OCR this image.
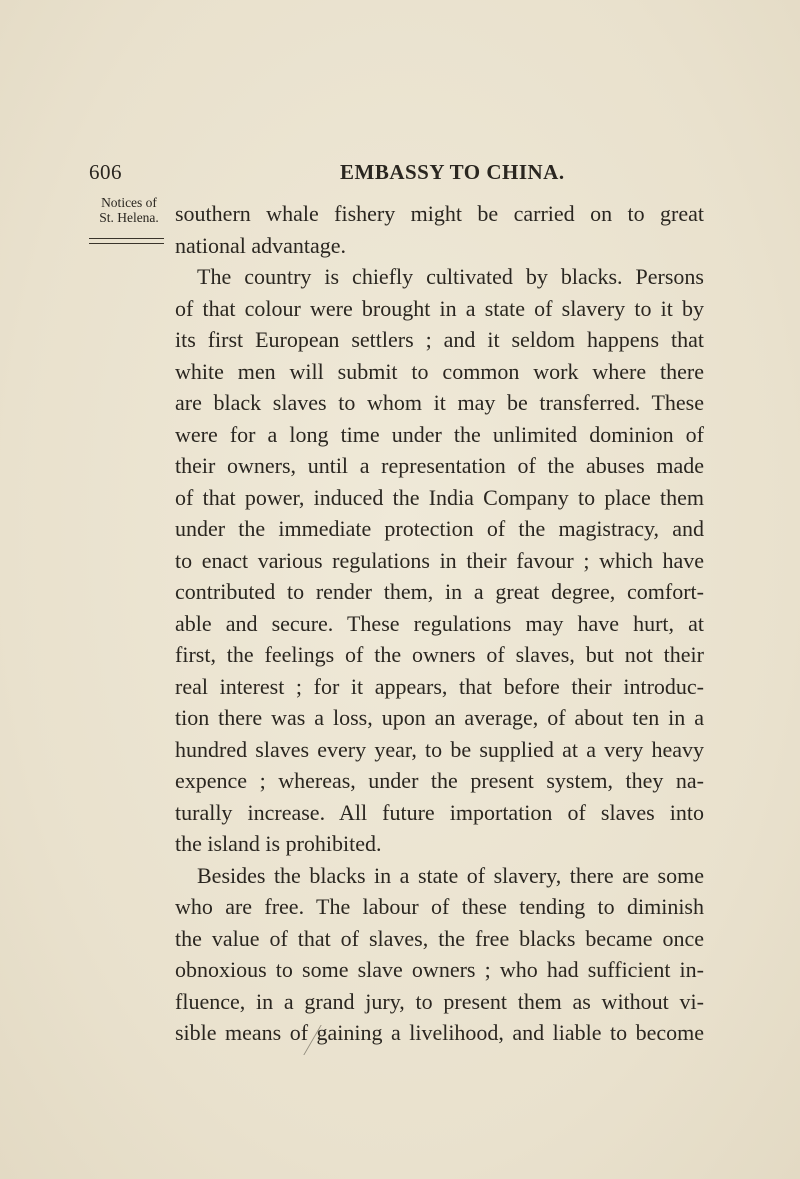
606	EMBASSY TO CHINA.
Notices of
St. Helena. southern whale fishery might be carried on to great
national advantage.
The country is chiefly cultivated by blacks. Persons
of that colour were brought in a state of slavery to it by
its first European settlers ; and it seldom happens that
white men will submit to common work where there
are black slaves to whom it may be transferred. These
were for a long time under the unlimited dominion of
their owners, until a representation of the abuses made
of that power, induced the India Company to place them
under the immediate protection of the magistracy, and
to enact various regulations in their favour ; which have
contributed to render them, in a great degree, comfort-
able and secure. These regulations may have hurt, at
first, the feelings of the owners of slaves, but not their
real interest ; for it appears, that before their introduc-
tion there was a loss, upon an average, of about ten in a
hundred slaves every year, to be supplied at a very heavy
expence ; whereas, under the present system, they na-
turally increase. All future importation of slaves into
the island is prohibited.
Besides the blacks in a state of slavery, there are some
who are free. The labour of these tending to diminish
the value of that of slaves, the free blacks became once
obnoxious to some slave owners ; who had sufficient in-
fluence, in a grand jury, to present them as without vi-
sible means of gaining a livelihood, and liable to become
